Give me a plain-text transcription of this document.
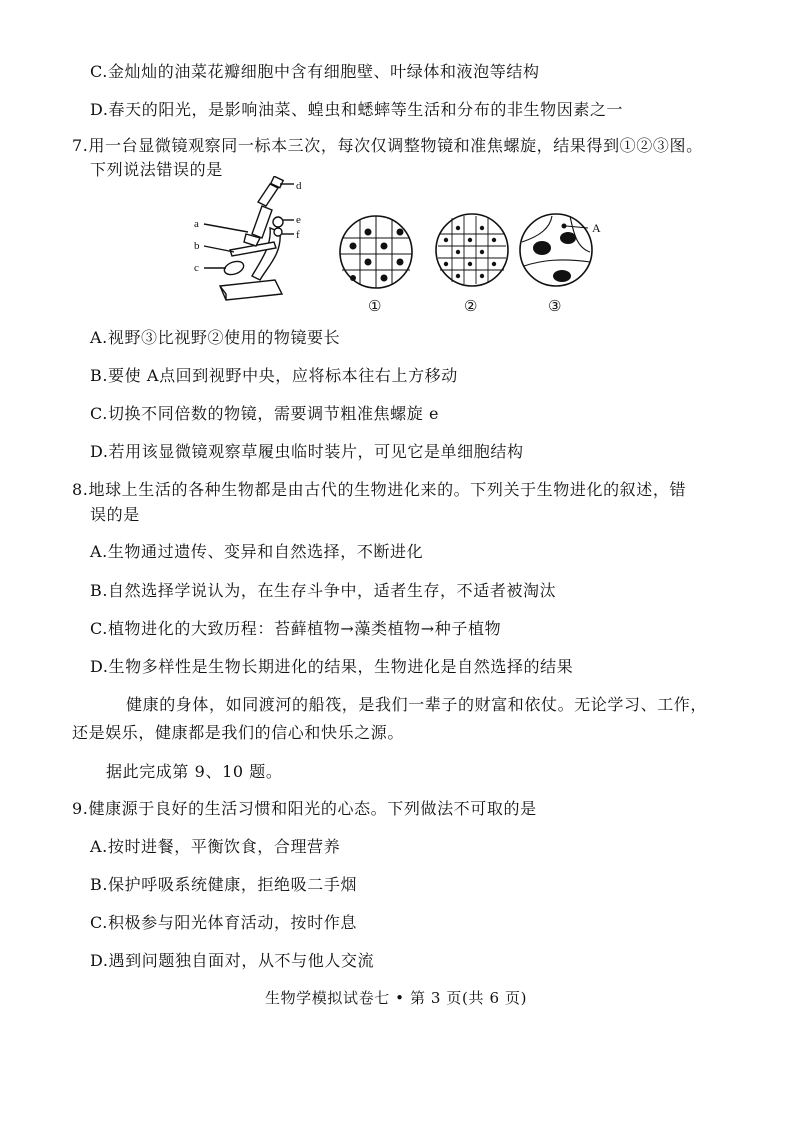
C.金灿灿的油菜花瓣细胞中含有细胞壁、叶绿体和液泡等结构
D.春天的阳光，是影响油菜、蝗虫和蟋蟀等生活和分布的非生物因素之一
7.用一台显微镜观察同一标本三次，每次仅调整物镜和准焦螺旋，结果得到①②③图。
下列说法错误的是
d
a	e
f
b
c
A
①	②	③
A.视野③比视野②使用的物镜要长
B.要使 A点回到视野中央，应将标本往右上方移动
C.切换不同倍数的物镜，需要调节粗准焦螺旋 e
D.若用该显微镜观察草履虫临时装片，可见它是单细胞结构
8.地球上生活的各种生物都是由古代的生物进化来的。下列关于生物进化的叙述，错
误的是
A.生物通过遗传、变异和自然选择，不断进化
B.自然选择学说认为，在生存斗争中，适者生存，不适者被淘汰
C.植物进化的大致历程：苔藓植物→藻类植物→种子植物
D.生物多样性是生物长期进化的结果，生物进化是自然选择的结果
健康的身体，如同渡河的船筏，是我们一辈子的财富和依仗。无论学习、工作，
还是娱乐，健康都是我们的信心和快乐之源。
据此完成第 9、10 题。
9.健康源于良好的生活习惯和阳光的心态。下列做法不可取的是
A.按时进餐，平衡饮食，合理营养
B.保护呼吸系统健康，拒绝吸二手烟
C.积极参与阳光体育活动，按时作息
D.遇到问题独自面对，从不与他人交流
生物学模拟试卷七 • 第 3 页(共 6 页)
